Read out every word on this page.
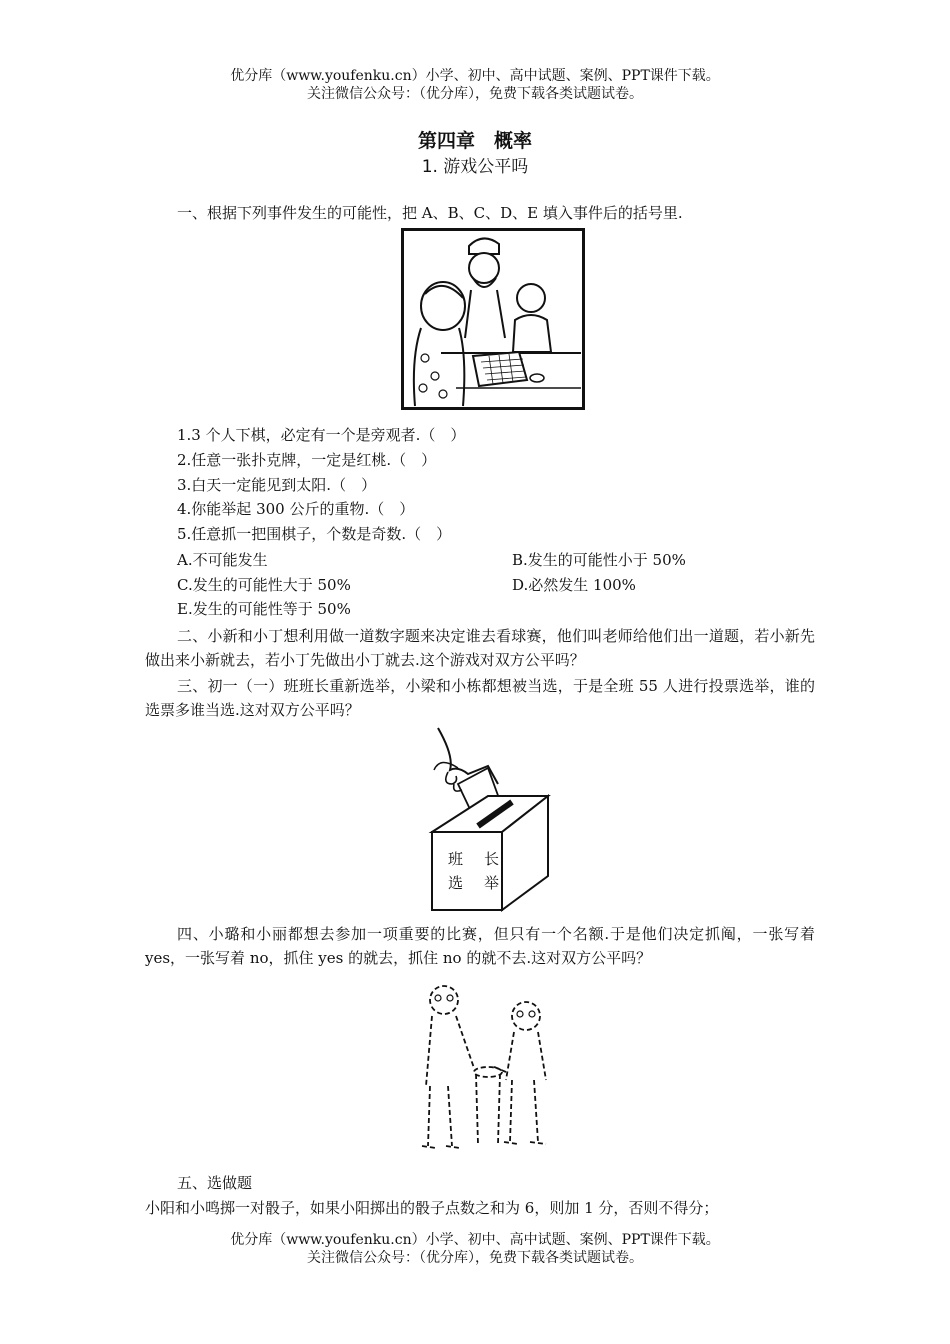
优分库（www.youfenku.cn）小学、初中、高中试题、案例、PPT课件下载。
关注微信公众号：（优分库），免费下载各类试题试卷。
第四章　概率
1. 游戏公平吗
一、根据下列事件发生的可能性，把 A、B、C、D、E 填入事件后的括号里.
1.3 个人下棋，必定有一个是旁观者.（　）
2.任意一张扑克牌，一定是红桃.（　）
3.白天一定能见到太阳.（　）
4.你能举起 300 公斤的重物.（　）
5.任意抓一把围棋子，个数是奇数.（　）
A.不可能发生	B.发生的可能性小于 50%
C.发生的可能性大于 50%	D.必然发生 100%
E.发生的可能性等于 50%
二、小新和小丁想利用做一道数字题来决定谁去看球赛，他们叫老师给他们出一道题，若小新先做出来小新就去，若小丁先做出小丁就去.这个游戏对双方公平吗？
三、初一（一）班班长重新选举，小梁和小栋都想被当选，于是全班 55 人进行投票选举，谁的选票多谁当选.这对双方公平吗？
班 长
选 举
四、小璐和小丽都想去参加一项重要的比赛，但只有一个名额.于是他们决定抓阄，一张写着 yes，一张写着 no，抓住 yes 的就去，抓住 no 的就不去.这对双方公平吗？
五、选做题
小阳和小鸣掷一对骰子，如果小阳掷出的骰子点数之和为 6，则加 1 分，否则不得分；
优分库（www.youfenku.cn）小学、初中、高中试题、案例、PPT课件下载。
关注微信公众号：（优分库），免费下载各类试题试卷。
